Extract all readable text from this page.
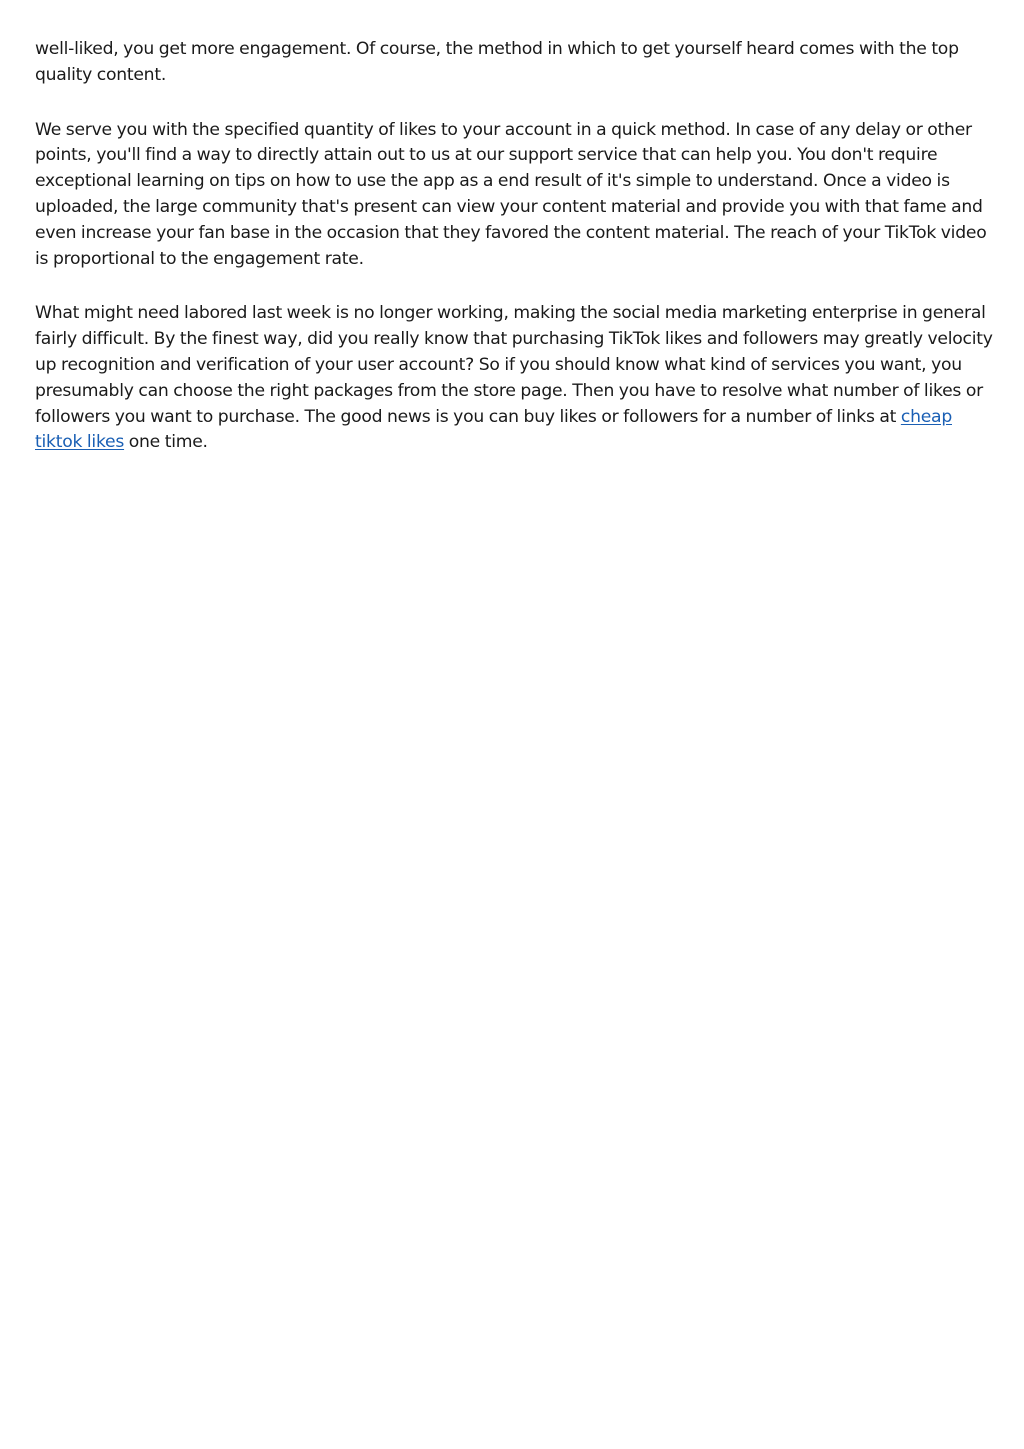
well-liked, you get more engagement. Of course, the method in which to get yourself heard comes with the top quality content.

We serve you with the specified quantity of likes to your account in a quick method. In case of any delay or other points, you'll find a way to directly attain out to us at our support service that can help you. You don't require exceptional learning on tips on how to use the app as a end result of it's simple to understand. Once a video is uploaded, the large community that's present can view your content material and provide you with that fame and even increase your fan base in the occasion that they favored the content material. The reach of your TikTok video is proportional to the engagement rate.

What might need labored last week is no longer working, making the social media marketing enterprise in general fairly difficult. By the finest way, did you really know that purchasing TikTok likes and followers may greatly velocity up recognition and verification of your user account? So if you should know what kind of services you want, you presumably can choose the right packages from the store page. Then you have to resolve what number of likes or followers you want to purchase. The good news is you can buy likes or followers for a number of links at cheap tiktok likes one time.
